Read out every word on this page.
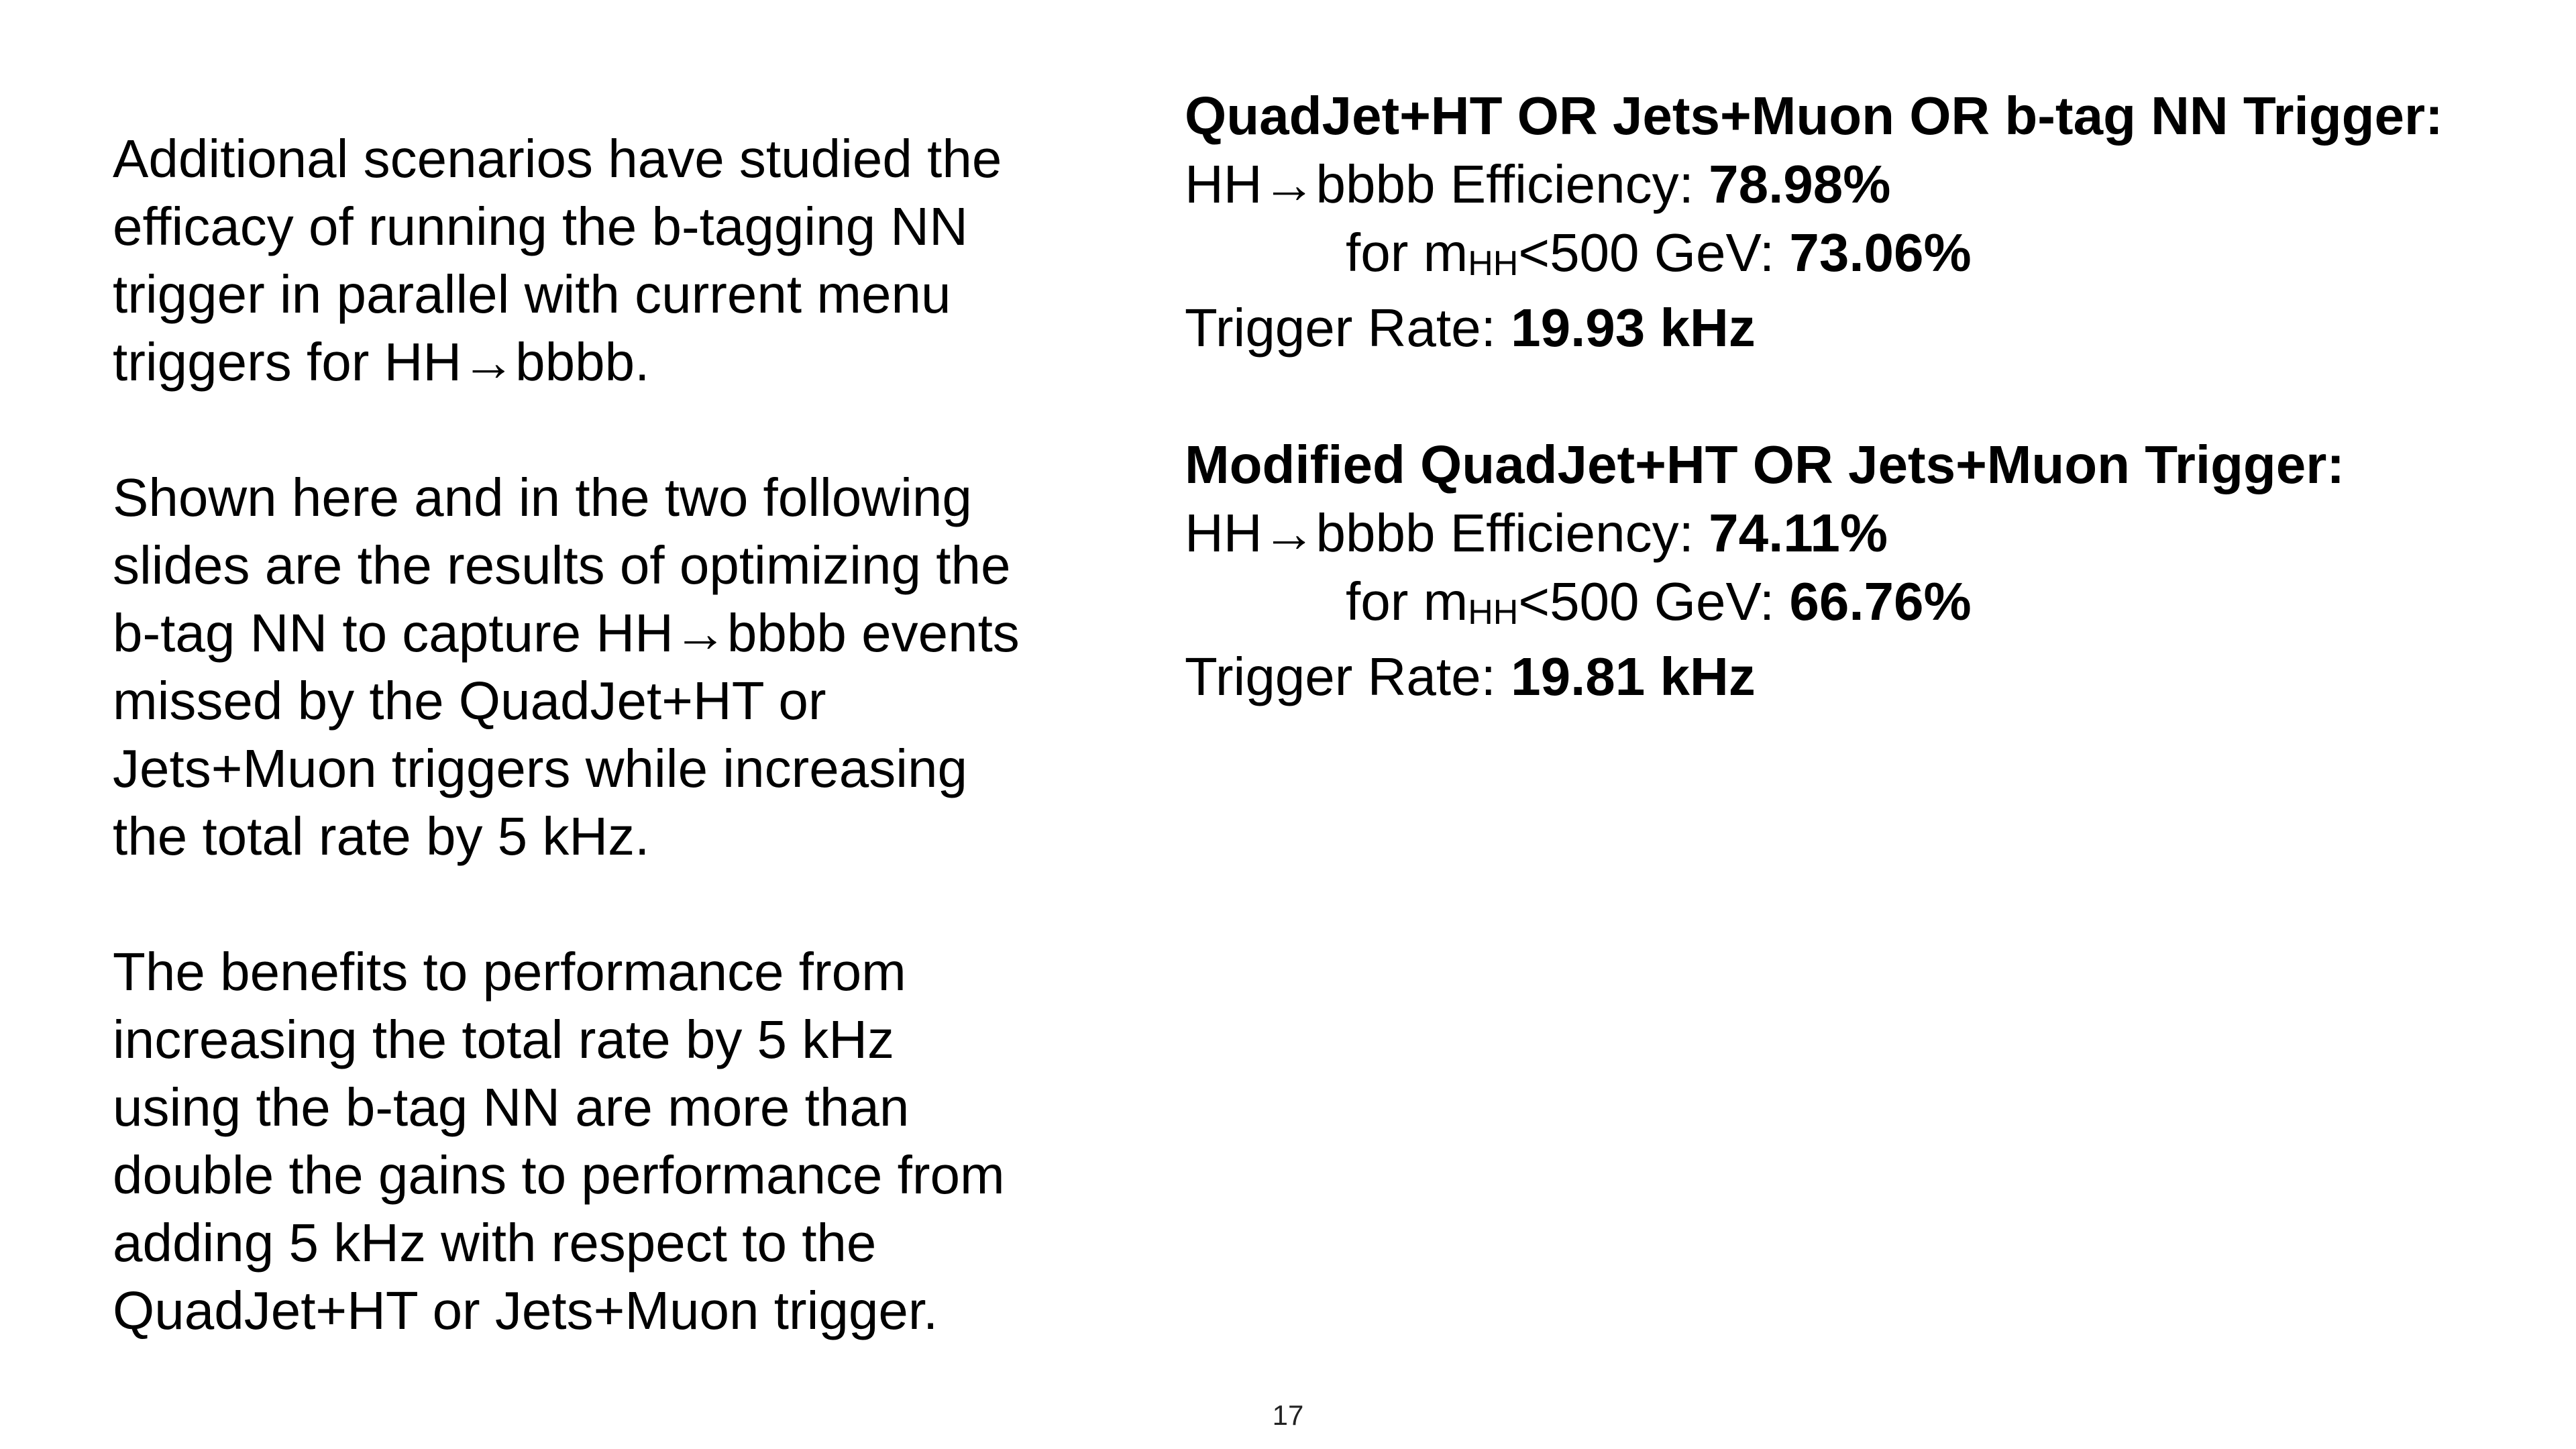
Additional scenarios have studied the
efficacy of running the b-tagging NN
trigger in parallel with current menu
triggers for HH→bbbb.

Shown here and in the two following
slides are the results of optimizing the
b-tag NN to capture HH→bbbb events
missed by the QuadJet+HT or
Jets+Muon triggers while increasing
the total rate by 5 kHz.

The benefits to performance from
increasing the total rate by 5 kHz
using the b-tag NN are more than
double the gains to performance from
adding 5 kHz with respect to the
QuadJet+HT or Jets+Muon trigger.

QuadJet+HT OR Jets+Muon OR b-tag NN Trigger:
HH→bbbb Efficiency: 78.98%
for mHH<500 GeV: 73.06%
Trigger Rate: 19.93 kHz
Modified QuadJet+HT OR Jets+Muon Trigger:
HH→bbbb Efficiency: 74.11%
for mHH<500 GeV: 66.76%
Trigger Rate: 19.81 kHz
17
